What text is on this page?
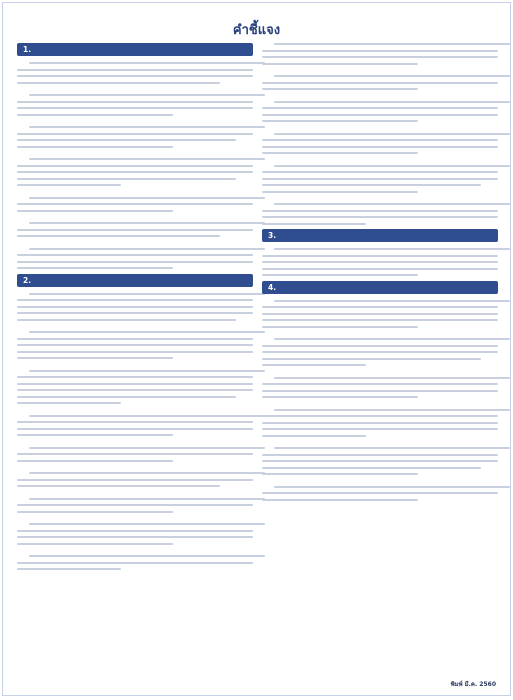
คำชี้แจง
1.
2.
3.
4.
พิมพ์ มี.ค. 2560
